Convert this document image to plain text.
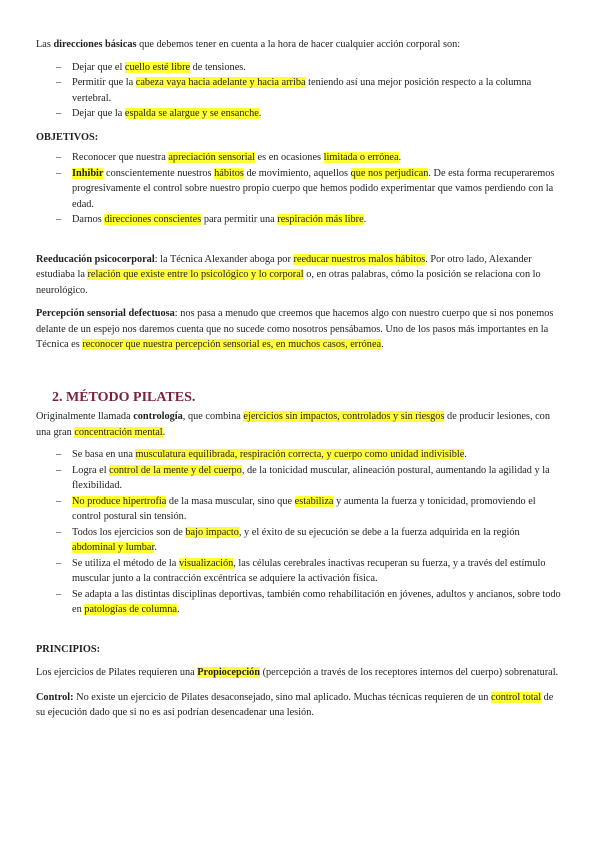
Las direcciones básicas que debemos tener en cuenta a la hora de hacer cualquier acción corporal son:

– Dejar que el cuello esté libre de tensiones.
– Permitir que la cabeza vaya hacia adelante y hacia arriba teniendo así una mejor posición respecto a la columna vertebral.
– Dejar que la espalda se alargue y se ensanche.

OBJETIVOS:

– Reconocer que nuestra apreciación sensorial es en ocasiones limitada o errónea.
– Inhibir conscientemente nuestros hábitos de movimiento, aquellos que nos perjudican. De esta forma recuperaremos progresivamente el control sobre nuestro propio cuerpo que hemos podido experimentar que vamos perdiendo con la edad.
– Darnos direcciones conscientes para permitir una respiración más libre.

Reeducación psicocorporal: la Técnica Alexander aboga por reeducar nuestros malos hábitos. Por otro lado, Alexander estudiaba la relación que existe entre lo psicológico y lo corporal o, en otras palabras, cómo la posición se relaciona con lo neurológico.

Percepción sensorial defectuosa: nos pasa a menudo que creemos que hacemos algo con nuestro cuerpo que si nos ponemos delante de un espejo nos daremos cuenta que no sucede como nosotros pensábamos. Uno de los pasos más importantes en la Técnica es reconocer que nuestra percepción sensorial es, en muchos casos, errónea.

2. MÉTODO PILATES.

Originalmente llamada contrología, que combina ejercicios sin impactos, controlados y sin riesgos de producir lesiones, con una gran concentración mental.

– Se basa en una musculatura equilibrada, respiración correcta, y cuerpo como unidad indivisible.
– Logra el control de la mente y del cuerpo, de la tonicidad muscular, alineación postural, aumentando la agilidad y la flexibilidad.
– No produce hipertrofia de la masa muscular, sino que estabiliza y aumenta la fuerza y tonicidad, promoviendo el control postural sin tensión.
– Todos los ejercicios son de bajo impacto, y el éxito de su ejecución se debe a la fuerza adquirida en la región abdominal y lumbar.
– Se utiliza el método de la visualización, las células cerebrales inactivas recuperan su fuerza, y a través del estímulo muscular junto a la contracción excéntrica se adquiere la activación física.
– Se adapta a las distintas disciplinas deportivas, también como rehabilitación en jóvenes, adultos y ancianos, sobre todo en patologías de columna.

PRINCIPIOS:

Los ejercicios de Pilates requieren una Propiocepción (percepción a través de los receptores internos del cuerpo) sobrenatural.

Control: No existe un ejercicio de Pilates desaconsejado, sino mal aplicado. Muchas técnicas requieren de un control total de su ejecución dado que si no es así podrían desencadenar una lesión.
